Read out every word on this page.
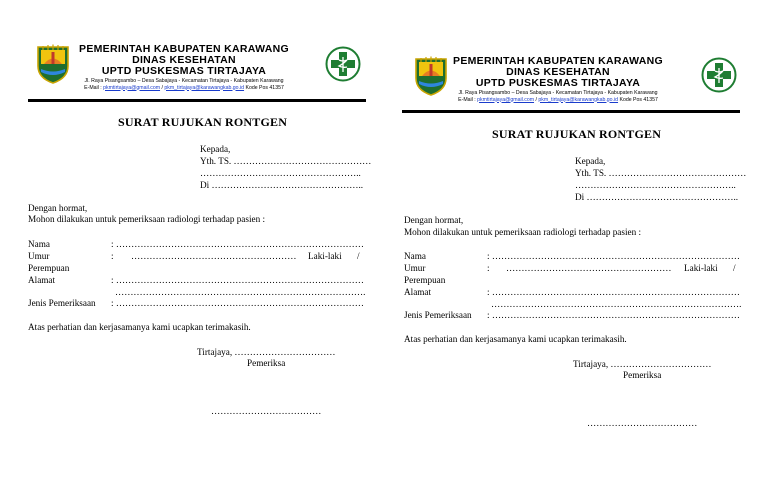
PEMERINTAH KABUPATEN KARAWANG
DINAS KESEHATAN
UPTD PUSKESMAS TIRTAJAYA
Jl. Raya Pisangsambo – Desa Sabajaya - Kecamatan Tirtajaya - Kabupaten Karawang
E-Mail : pkmtirtajaya@gmail.com / pkm_tirtajaya@karawangkab.go.id Kode Pos 41357
SURAT RUJUKAN RONTGEN
Kepada,
Yth. TS. ………………………………………
……………………………………………..
Di …………………………………………..
Dengan hormat,
Mohon dilakukan untuk pemeriksaan radiologi terhadap pasien :
Nama	: ………………………………………………………………………
Umur	: ……………………………………………… Laki-laki /
Perempuan
Alamat	: ………………………………………………………………………
……………………………………………………………………….
Jenis Pemeriksaan : ………………………………………………………………………
Atas perhatian dan kerjasamanya kami ucapkan terimakasih.
Tirtajaya, ……………………………
Pemeriksa
………………………………
PEMERINTAH KABUPATEN KARAWANG
DINAS KESEHATAN
UPTD PUSKESMAS TIRTAJAYA
Jl. Raya Pisangsambo – Desa Sabajaya - Kecamatan Tirtajaya - Kabupaten Karawang
E-Mail : pkmtirtajaya@gmail.com / pkm_tirtajaya@karawangkab.go.id Kode Pos 41357
SURAT RUJUKAN RONTGEN
Kepada,
Yth. TS. ………………………………………
……………………………………………..
Di …………………………………………..
Dengan hormat,
Mohon dilakukan untuk pemeriksaan radiologi terhadap pasien :
Nama	: ………………………………………………………………………
Umur	: ……………………………………………… Laki-laki /
Perempuan
Alamat	: ………………………………………………………………………
……………………………………………………………………….
Jenis Pemeriksaan : ………………………………………………………………………
Atas perhatian dan kerjasamanya kami ucapkan terimakasih.
Tirtajaya, ……………………………
Pemeriksa
………………………………
